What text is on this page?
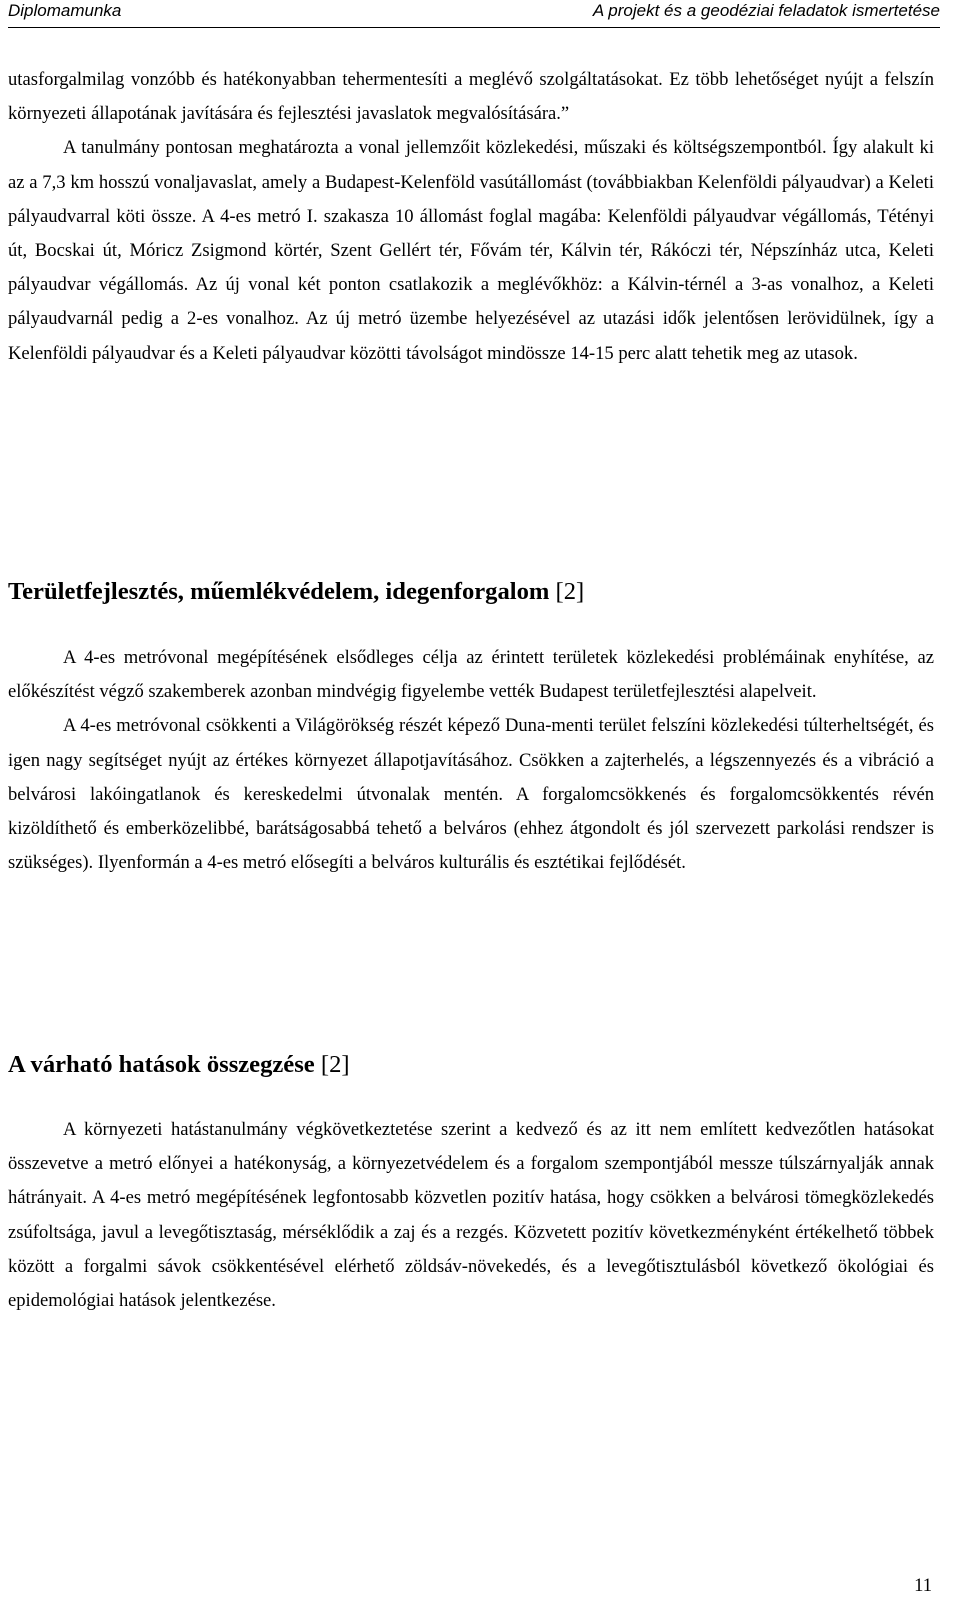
Diplomamunka	A projekt és a geodéziai feladatok ismertetése

utasforgalmilag vonzóbb és hatékonyabban tehermentesíti a meglévő szolgáltatásokat. Ez több lehetőséget nyújt a felszín környezeti állapotának javítására és fejlesztési javaslatok megvalósítására.”

A tanulmány pontosan meghatározta a vonal jellemzőit közlekedési, műszaki és költségszempontból. Így alakult ki az a 7,3 km hosszú vonaljavaslat, amely a Budapest-Kelenföld vasútállomást (továbbiakban Kelenföldi pályaudvar) a Keleti pályaudvarral köti össze. A 4-es metró I. szakasza 10 állomást foglal magába: Kelenföldi pályaudvar végállomás, Tétényi út, Bocskai út, Móricz Zsigmond körtér, Szent Gellért tér, Fővám tér, Kálvin tér, Rákóczi tér, Népszínház utca, Keleti pályaudvar végállomás. Az új vonal két ponton csatlakozik a meglévőkhöz: a Kálvin-térnél a 3-as vonalhoz, a Keleti pályaudvarnál pedig a 2-es vonalhoz. Az új metró üzembe helyezésével az utazási idők jelentősen lerövidülnek, így a Kelenföldi pályaudvar és a Keleti pályaudvar közötti távolságot mindössze 14-15 perc alatt tehetik meg az utasok.

Területfejlesztés, műemlékvédelem, idegenforgalom [2]

A 4-es metróvonal megépítésének elsődleges célja az érintett területek közlekedési problémáinak enyhítése, az előkészítést végző szakemberek azonban mindvégig figyelembe vették Budapest területfejlesztési alapelveit.

A 4-es metróvonal csökkenti a Világörökség részét képező Duna-menti terület felszíni közlekedési túlterheltségét, és igen nagy segítséget nyújt az értékes környezet állapotjavításához. Csökken a zajterhelés, a légszennyezés és a vibráció a belvárosi lakóingatlanok és kereskedelmi útvonalak mentén. A forgalomcsökkenés és forgalomcsökkentés révén kizöldíthető és emberközelibbé, barátságosabbá tehető a belváros (ehhez átgondolt és jól szervezett parkolási rendszer is szükséges). Ilyenformán a 4-es metró elősegíti a belváros kulturális és esztétikai fejlődését.

A várható hatások összegzése [2]

A környezeti hatástanulmány végkövetkeztetése szerint a kedvező és az itt nem említett kedvezőtlen hatásokat összevetve a metró előnyei a hatékonyság, a környezetvédelem és a forgalom szempontjából messze túlszárnyalják annak hátrányait. A 4-es metró megépítésének legfontosabb közvetlen pozitív hatása, hogy csökken a belvárosi tömegközlekedés zsúfoltsága, javul a levegőtisztaság, mérséklődik a zaj és a rezgés. Közvetett pozitív következményként értékelhető többek között a forgalmi sávok csökkentésével elérhető zöldsáv-növekedés, és a levegőtisztulásból következő ökológiai és epidemológiai hatások jelentkezése.

11
